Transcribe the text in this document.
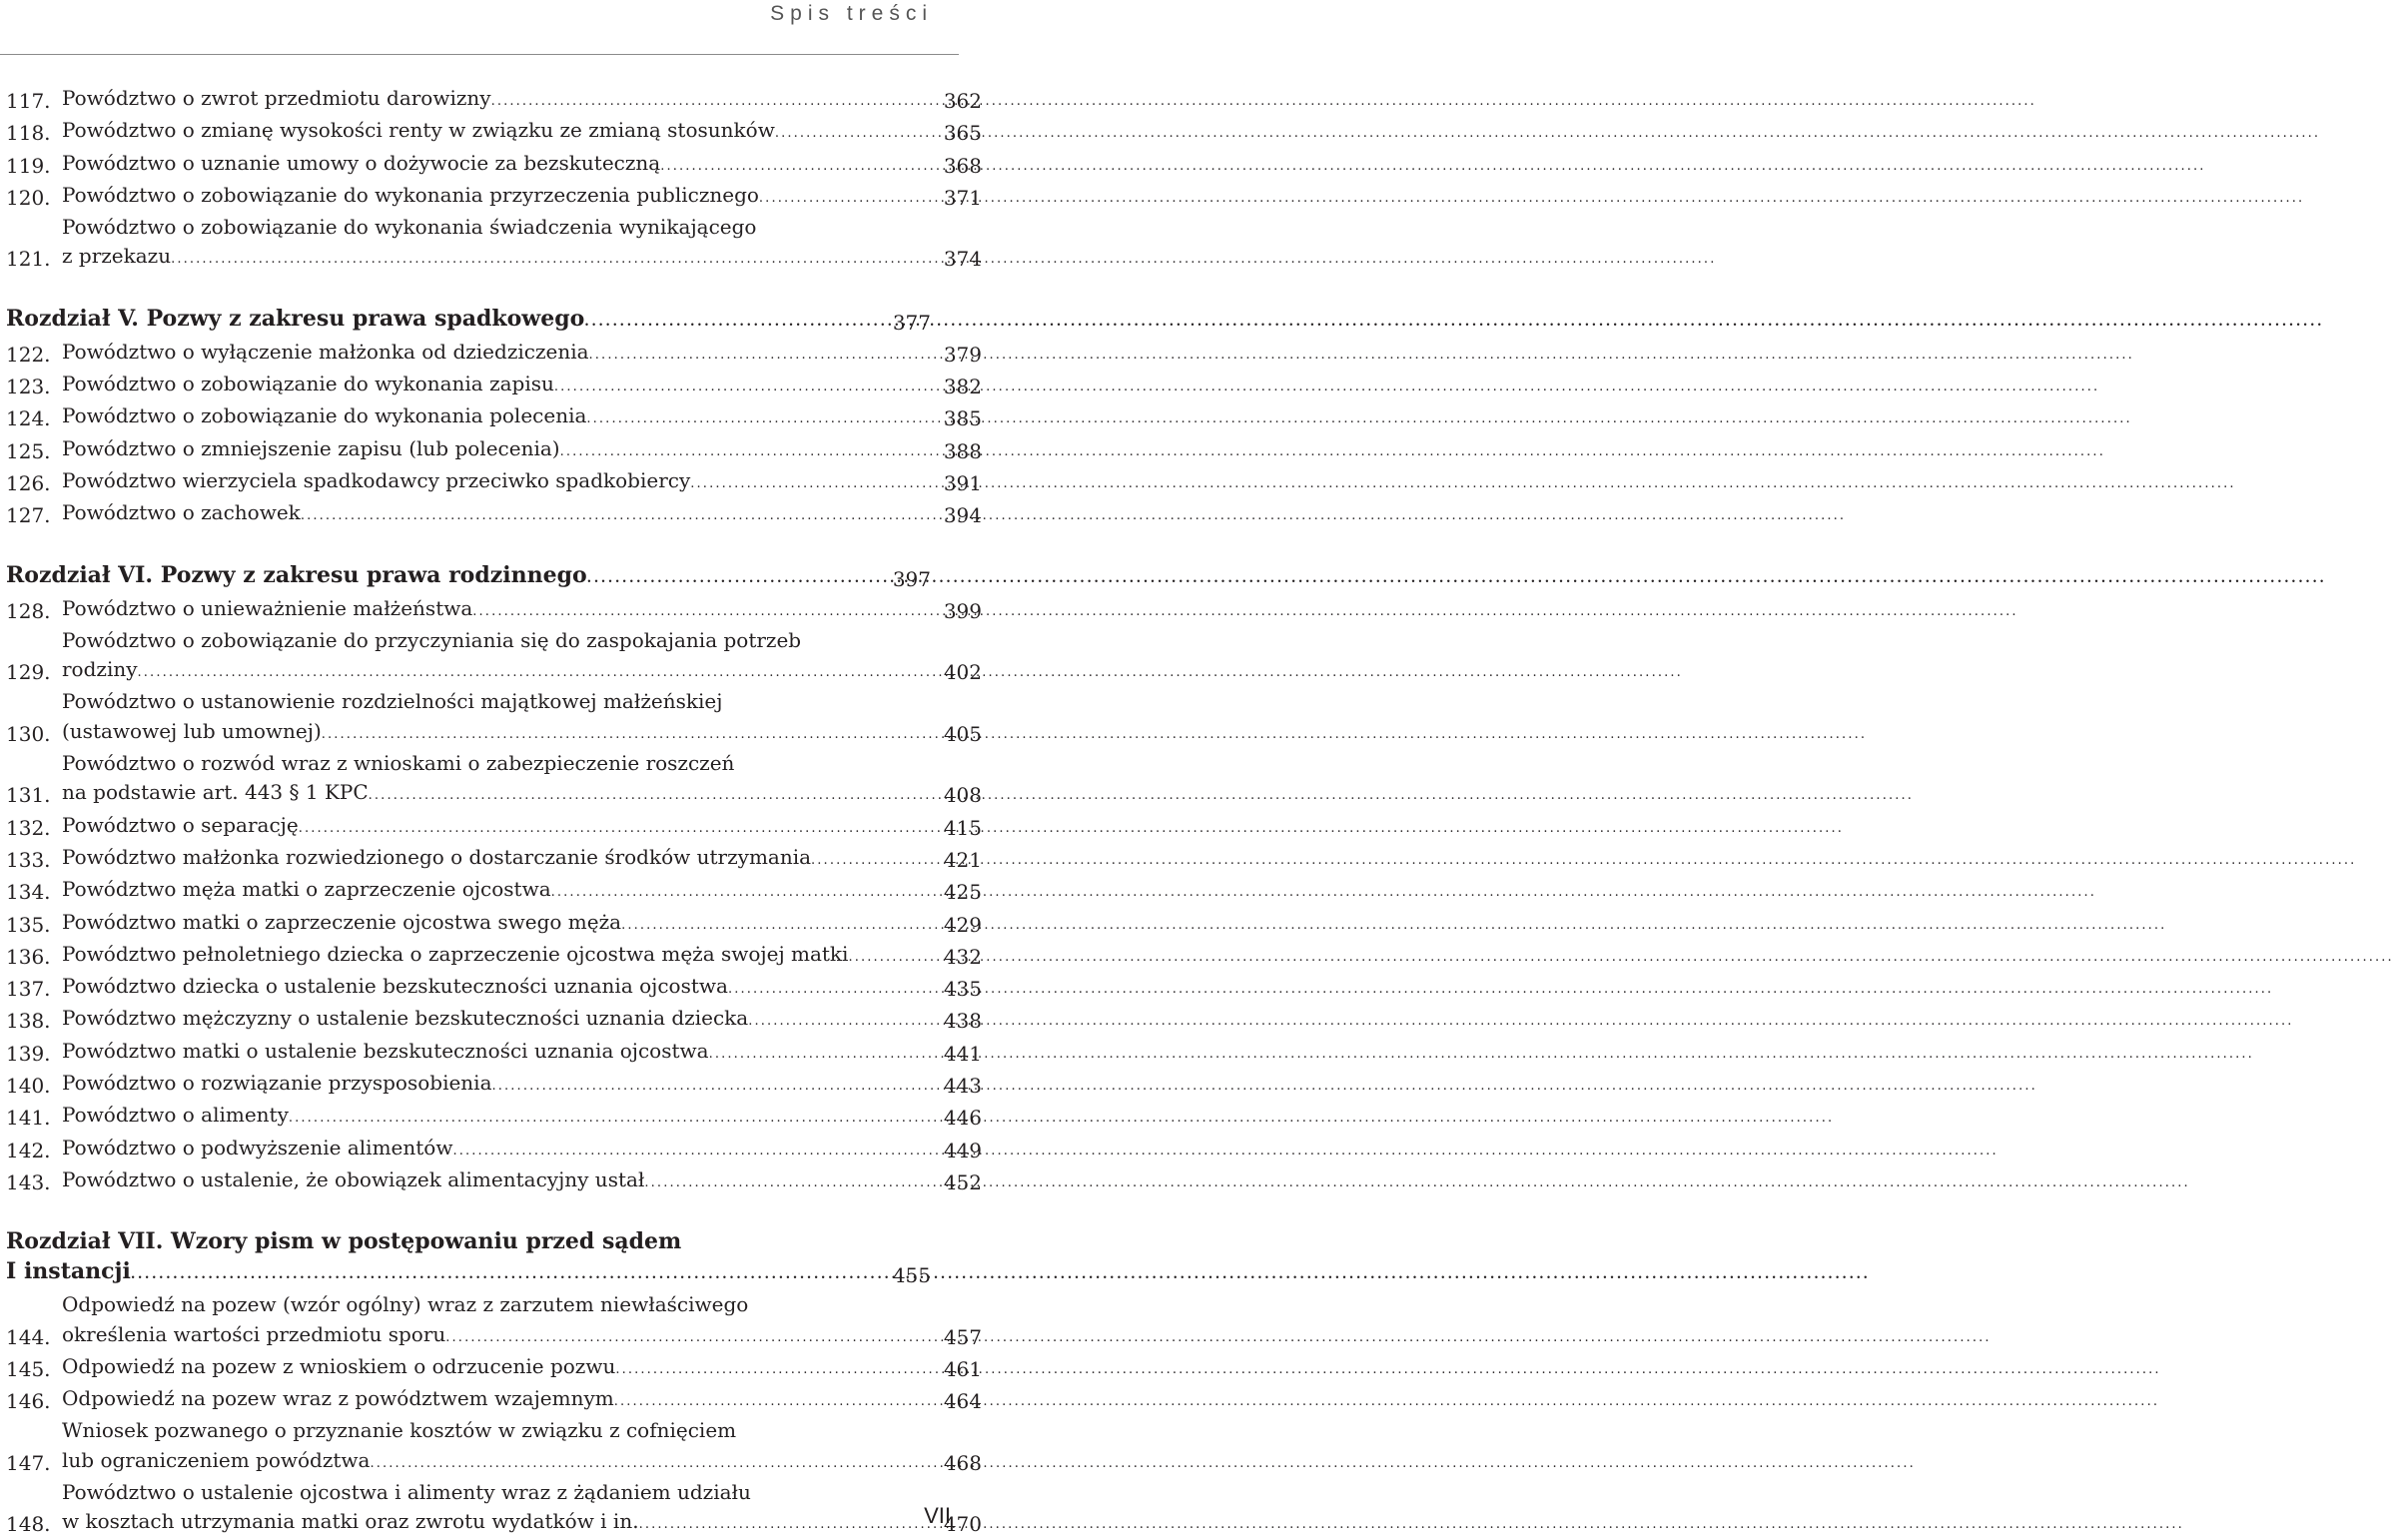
Spis treści
117. Powództwo o zwrot przedmiotu darowizny . . .	362
118. Powództwo o zmianę wysokości renty w związku ze zmianą stosunków . . .	365
119. Powództwo o uznanie umowy o dożywocie za bezskuteczną . . .	368
120. Powództwo o zobowiązanie do wykonania przyrzeczenia publicznego . . .	371
121.
Powództwo o zobowiązanie do wykonania świadczenia wynikającego
z przekazu . . .	374
Rozdział V. Pozwy z zakresu prawa spadkowego . . .	377
122. Powództwo o wyłączenie małżonka od dziedziczenia . . .	379
123. Powództwo o zobowiązanie do wykonania zapisu . . .	382
124. Powództwo o zobowiązanie do wykonania polecenia . . .	385
125. Powództwo o zmniejszenie zapisu (lub polecenia) . . .	388
126. Powództwo wierzyciela spadkodawcy przeciwko spadkobiercy . . .	391
127. Powództwo o zachowek . . .	394
Rozdział VI. Pozwy z zakresu prawa rodzinnego . . .	397
128. Powództwo o unieważnienie małżeństwa . . .	399
129.
Powództwo o zobowiązanie do przyczyniania się do zaspokajania potrzeb
rodziny . . .	402
130.
Powództwo o ustanowienie rozdzielności majątkowej małżeńskiej
(ustawowej lub umownej) . . .	405
131.
Powództwo o rozwód wraz z wnioskami o zabezpieczenie roszczeń
na podstawie art. 443 § 1 KPC . . .	408
132. Powództwo o separację . . .	415
133. Powództwo małżonka rozwiedzionego o dostarczanie środków utrzymania . . .	421
134. Powództwo męża matki o zaprzeczenie ojcostwa . . .	425
135. Powództwo matki o zaprzeczenie ojcostwa swego męża . . .	429
136. Powództwo pełnoletniego dziecka o zaprzeczenie ojcostwa męża swojej matki . . .	432
137. Powództwo dziecka o ustalenie bezskuteczności uznania ojcostwa . . .	435
138. Powództwo mężczyzny o ustalenie bezskuteczności uznania dziecka . . .	438
139. Powództwo matki o ustalenie bezskuteczności uznania ojcostwa . . .	441
140. Powództwo o rozwiązanie przysposobienia . . .	443
141. Powództwo o alimenty . . .	446
142. Powództwo o podwyższenie alimentów . . .	449
143. Powództwo o ustalenie, że obowiązek alimentacyjny ustał . . .	452
Rozdział VII. Wzory pism w postępowaniu przed sądem
I instancji . . .	455
144.
Odpowiedź na pozew (wzór ogólny) wraz z zarzutem niewłaściwego
określenia wartości przedmiotu sporu . . .	457
145. Odpowiedź na pozew z wnioskiem o odrzucenie pozwu . . .	461
146. Odpowiedź na pozew wraz z powództwem wzajemnym . . .	464
147.
Wniosek pozwanego o przyznanie kosztów w związku z cofnięciem
lub ograniczeniem powództwa . . .	468
148.
Powództwo o ustalenie ojcostwa i alimenty wraz z żądaniem udziału
w kosztach utrzymania matki oraz zwrotu wydatków i in. . . .	470
VII
